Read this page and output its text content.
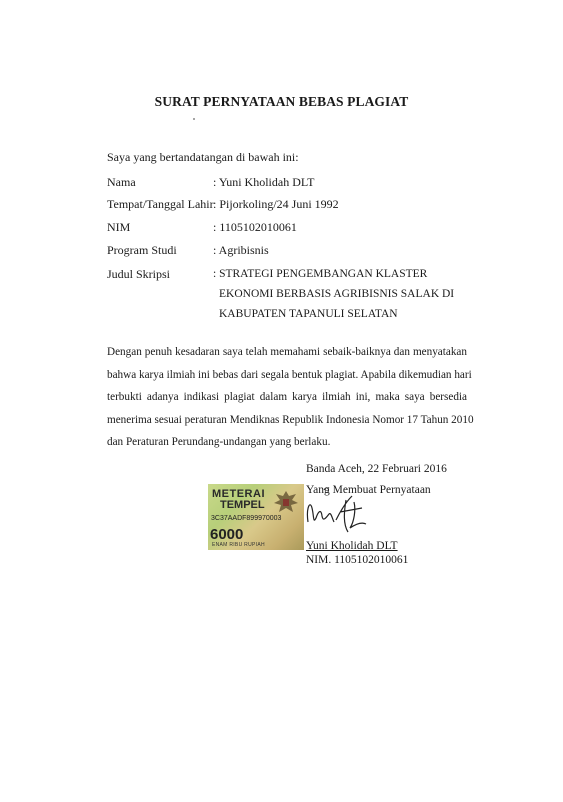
SURAT PERNYATAAN BEBAS PLAGIAT
Saya yang bertandatangan di bawah ini:
Nama	: Yuni Kholidah DLT
Tempat/Tanggal Lahir : Pijorkoling/24 Juni 1992
NIM	: 1105102010061
Program Studi	: Agribisnis
Judul Skripsi	: STRATEGI PENGEMBANGAN KLASTER
EKONOMI BERBASIS AGRIBISNIS SALAK DI
KABUPATEN TAPANULI SELATAN
Dengan penuh kesadaran saya telah memahami sebaik-baiknya dan menyatakan
bahwa karya ilmiah ini bebas dari segala bentuk plagiat. Apabila dikemudian hari
terbukti adanya indikasi plagiat dalam karya ilmiah ini, maka saya bersedia
menerima sesuai peraturan Mendiknas Republik Indonesia Nomor 17 Tahun 2010
dan Peraturan Perundang-undangan yang berlaku.
Banda Aceh, 22 Februari 2016
METERAI
TEMPEL
3C37AADF899970003
6000
ENAM RIBU RUPIAH
Yang Membuat Pernyataan
Yuni Kholidah DLT
NIM. 1105102010061
